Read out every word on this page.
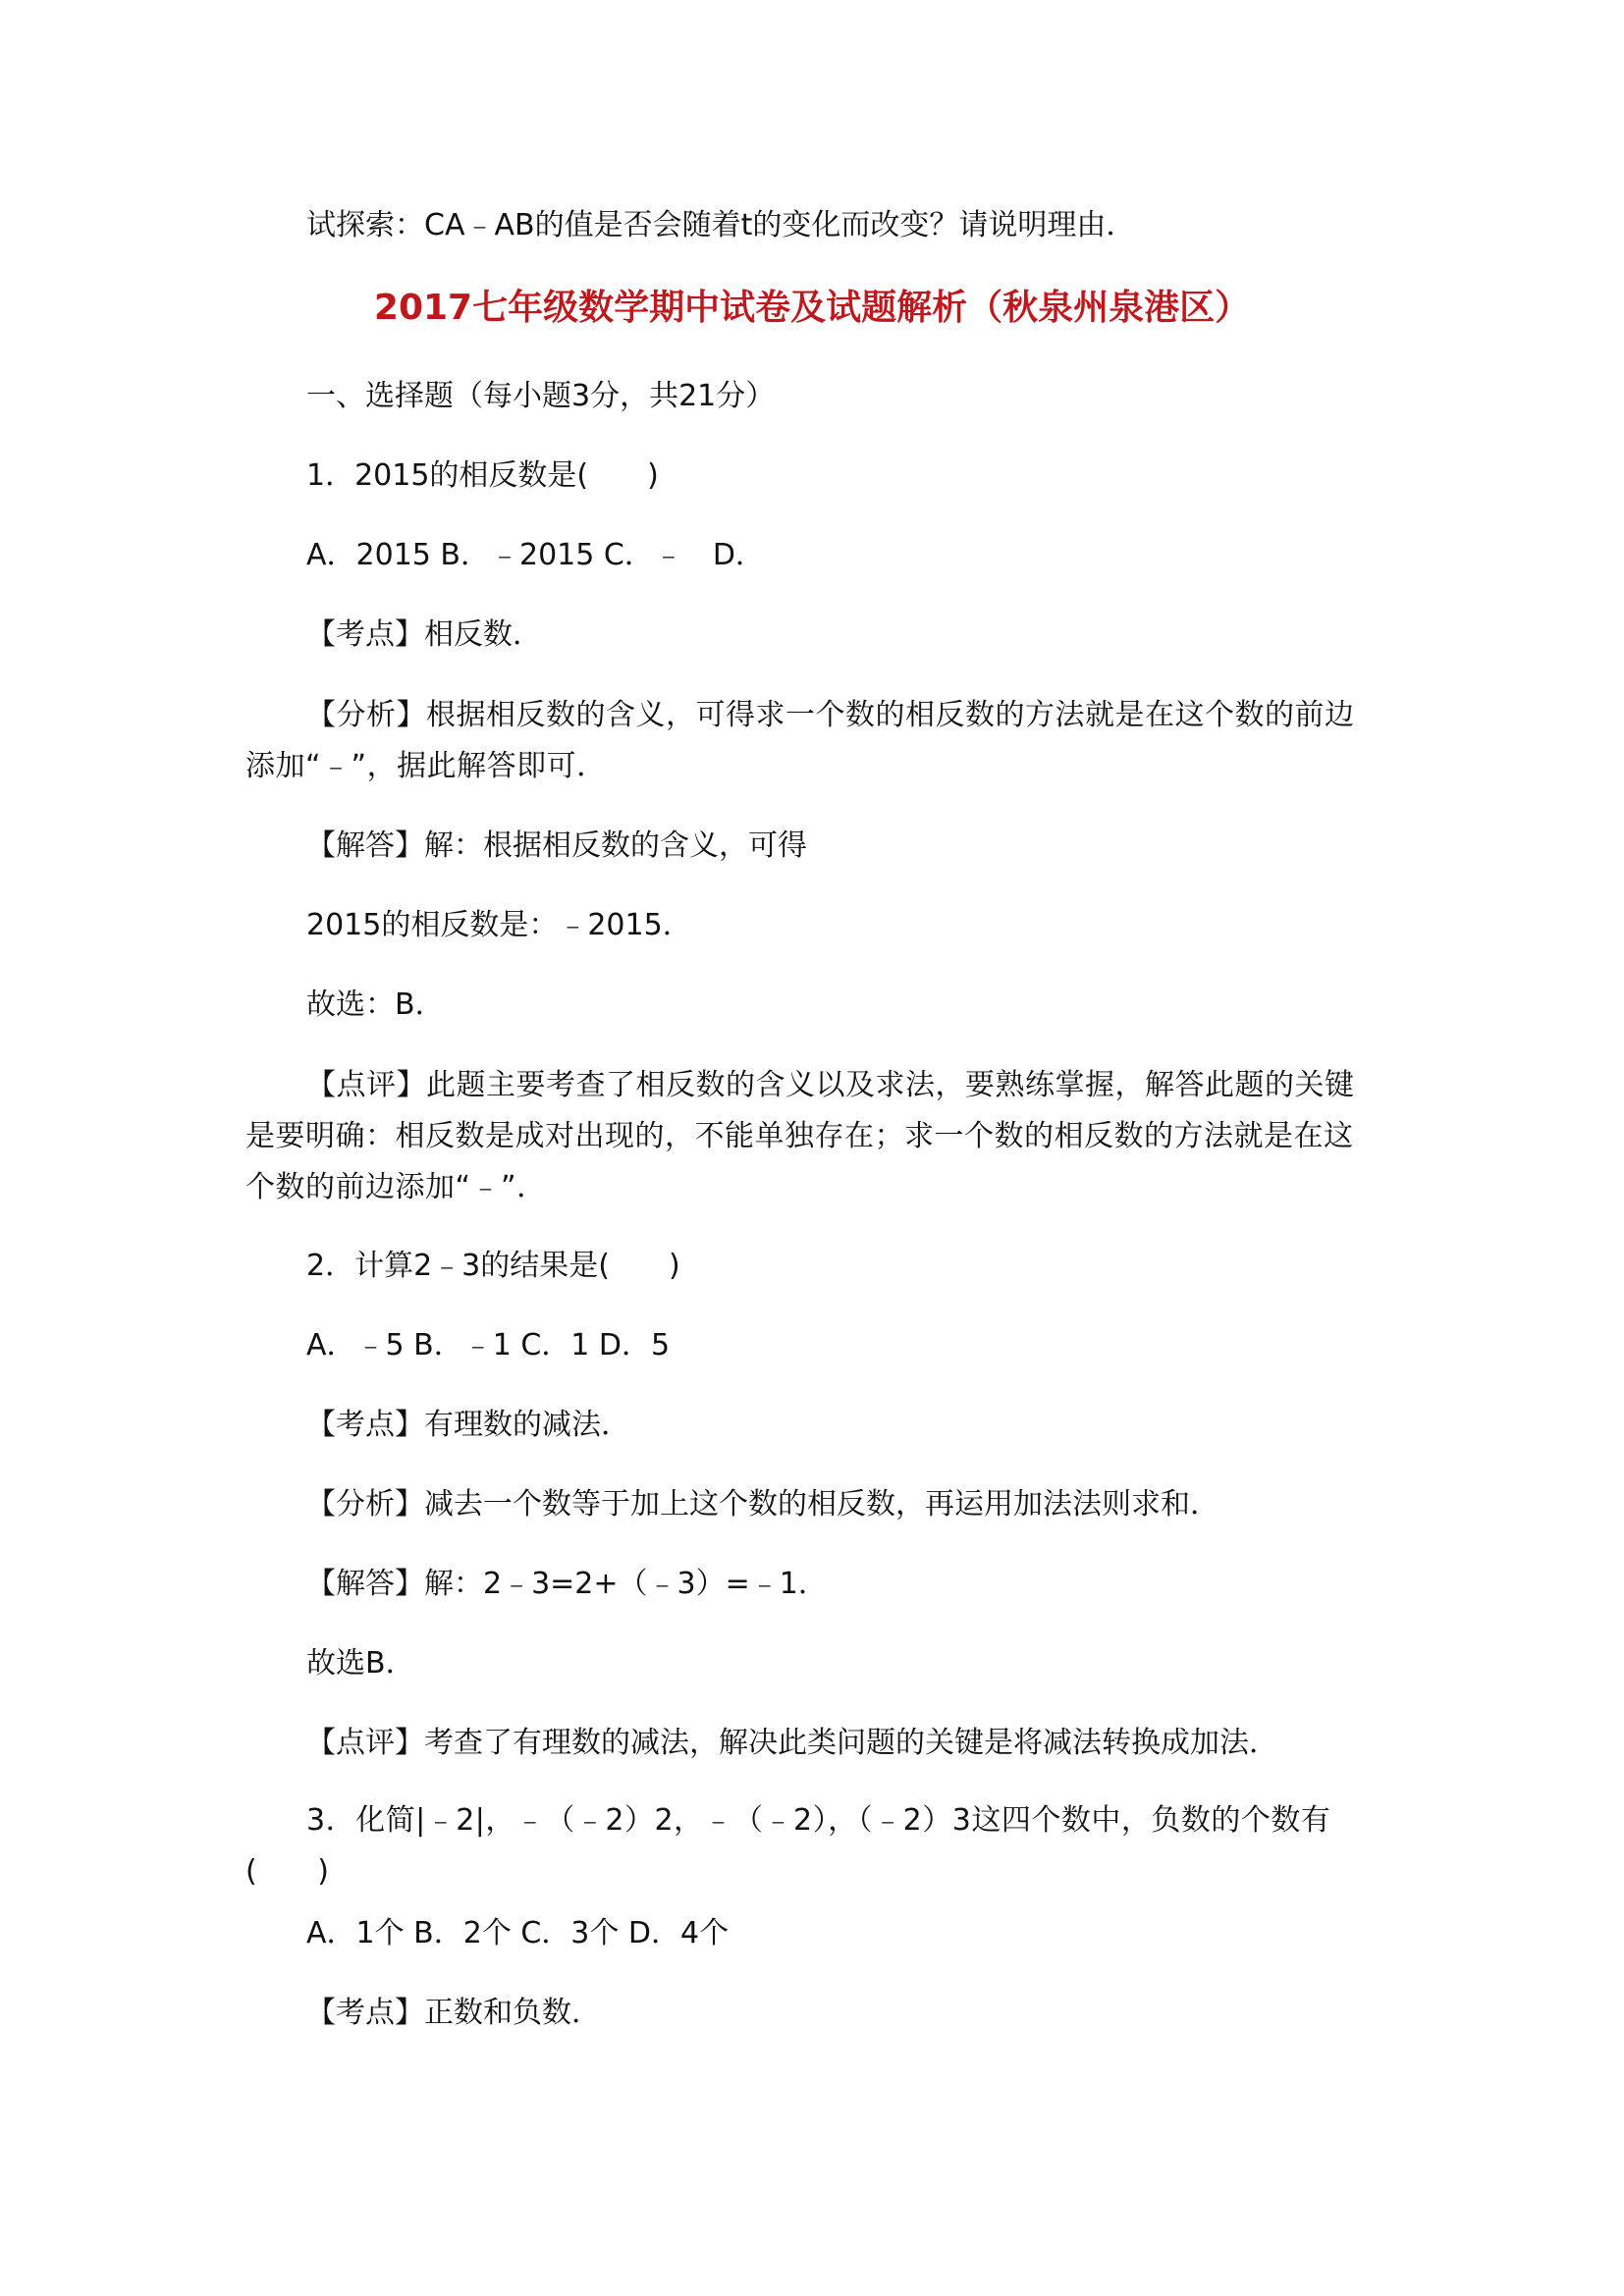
试探索：CA﹣AB的值是否会随着t的变化而改变？请说明理由．
2017七年级数学期中试卷及试题解析（秋泉州泉港区）
一、选择题（每小题3分，共21分）
1．2015的相反数是(　　)
A．2015 B．﹣2015 C．﹣　D．
【考点】相反数．
【分析】根据相反数的含义，可得求一个数的相反数的方法就是在这个数的前边添加“﹣”，据此解答即可．
【解答】解：根据相反数的含义，可得
2015的相反数是：﹣2015．
故选：B．
【点评】此题主要考查了相反数的含义以及求法，要熟练掌握，解答此题的关键是要明确：相反数是成对出现的，不能单独存在；求一个数的相反数的方法就是在这个数的前边添加“﹣”．
2．计算2﹣3的结果是(　　)
A．﹣5 B．﹣1 C．1 D．5
【考点】有理数的减法．
【分析】减去一个数等于加上这个数的相反数，再运用加法法则求和．
【解答】解：2﹣3=2+（﹣3）=﹣1．
故选B．
【点评】考查了有理数的减法，解决此类问题的关键是将减法转换成加法．
3．化简|﹣2|，﹣（﹣2）2，﹣（﹣2），（﹣2）3这四个数中，负数的个数有(　　)
A．1个 B．2个 C．3个 D．4个
【考点】正数和负数．
